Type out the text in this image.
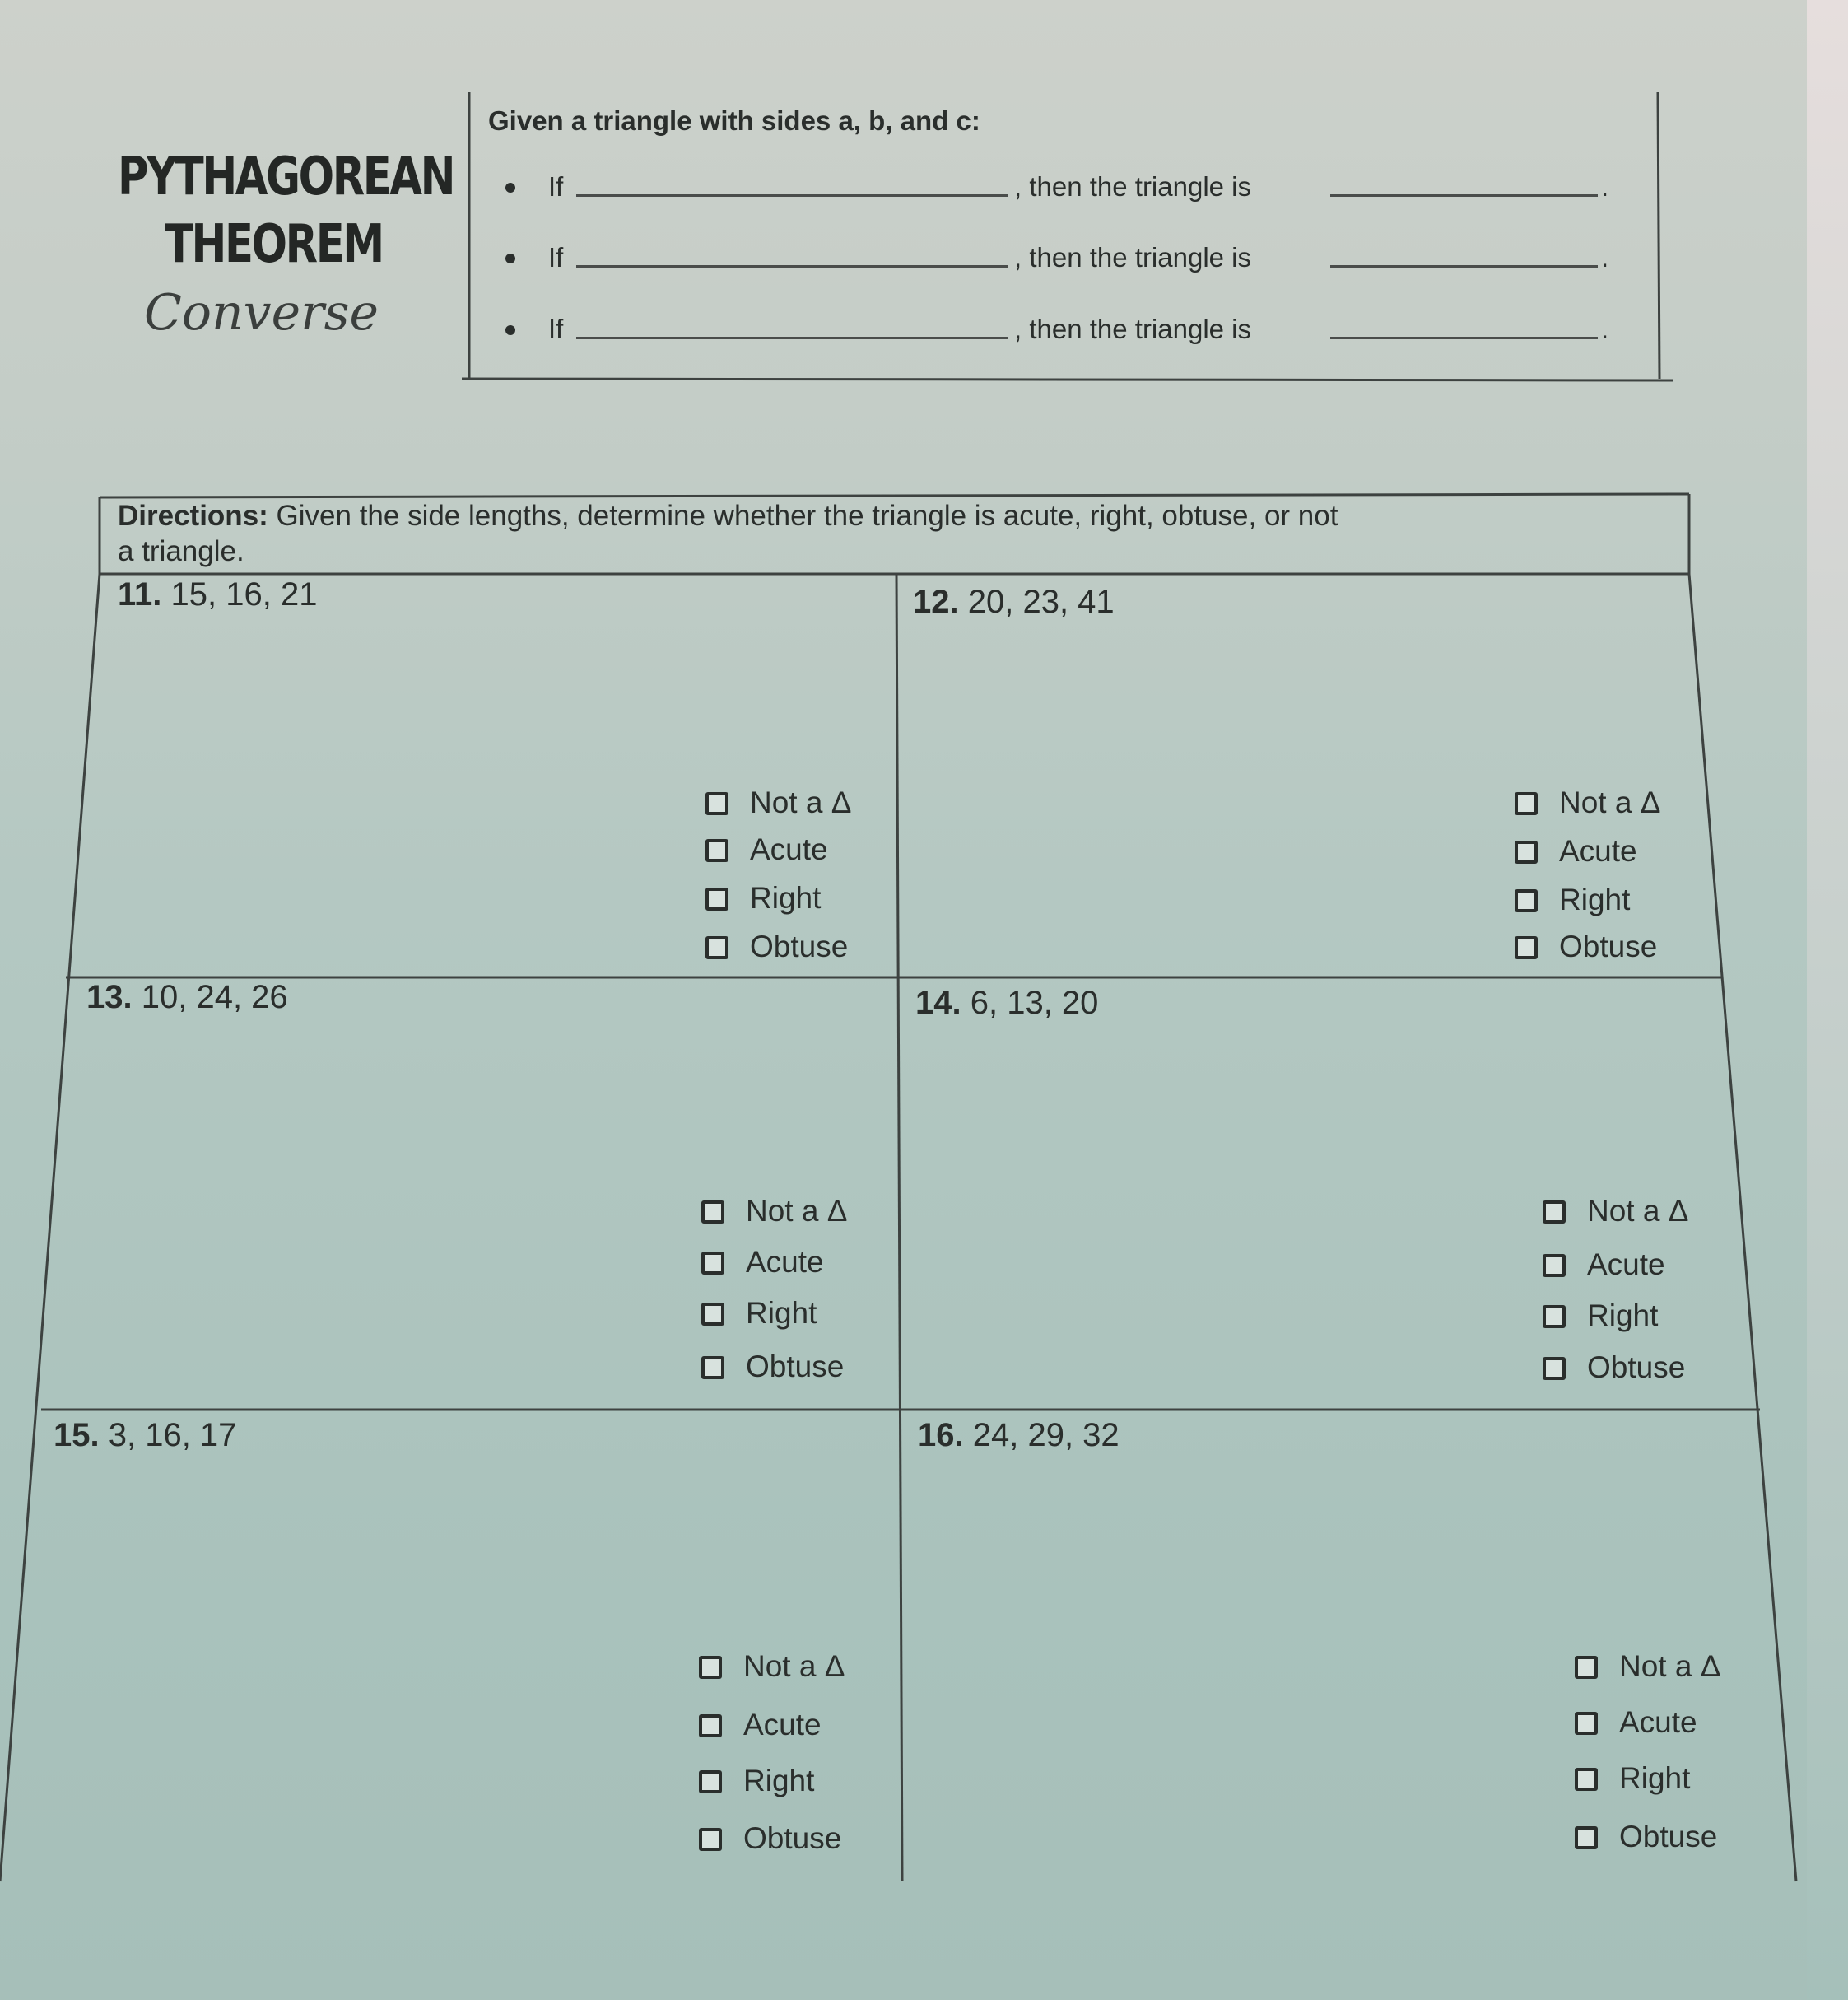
PYTHAGOREAN
THEOREM
Converse
Given a triangle with sides a, b, and c:
If	, then the triangle is	.
If	, then the triangle is	.
If	, then the triangle is	.
Directions: Given the side lengths, determine whether the triangle is acute, right, obtuse, or not
a triangle.
11. 15, 16, 21
Not a Δ
Acute
Right
Obtuse
12. 20, 23, 41
Not a Δ
Acute
Right
Obtuse
13. 10, 24, 26
Not a Δ
Acute
Right
Obtuse
14. 6, 13, 20
Not a Δ
Acute
Right
Obtuse
15. 3, 16, 17
Not a Δ
Acute
Right
Obtuse
16. 24, 29, 32
Not a Δ
Acute
Right
Obtuse
